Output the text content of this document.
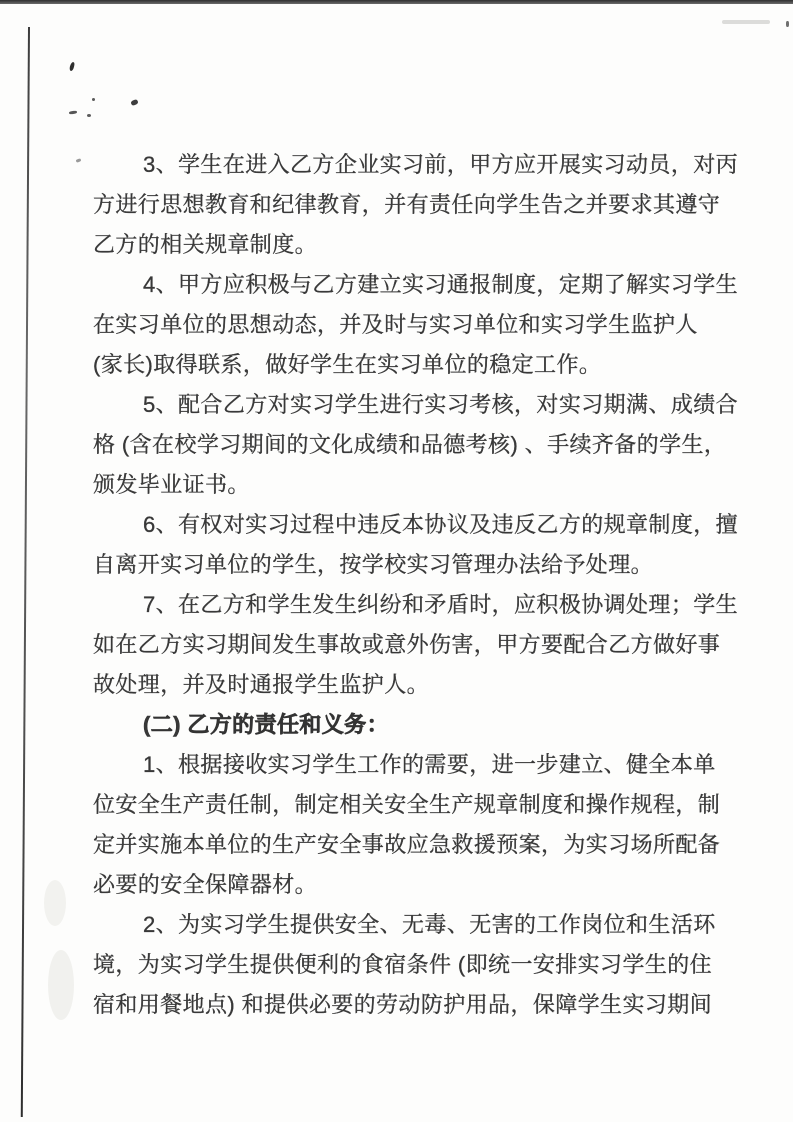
3、学生在进入乙方企业实习前，甲方应开展实习动员，对丙
方进行思想教育和纪律教育，并有责任向学生告之并要求其遵守
乙方的相关规章制度。
4、甲方应积极与乙方建立实习通报制度，定期了解实习学生
在实习单位的思想动态，并及时与实习单位和实习学生监护人
(家长)取得联系，做好学生在实习单位的稳定工作。
5、配合乙方对实习学生进行实习考核，对实习期满、成绩合
格 (含在校学习期间的文化成绩和品德考核) 、手续齐备的学生，
颁发毕业证书。
6、有权对实习过程中违反本协议及违反乙方的规章制度，擅
自离开实习单位的学生，按学校实习管理办法给予处理。
7、在乙方和学生发生纠纷和矛盾时，应积极协调处理；学生
如在乙方实习期间发生事故或意外伤害，甲方要配合乙方做好事
故处理，并及时通报学生监护人。
(二) 乙方的责任和义务：
1、根据接收实习学生工作的需要，进一步建立、健全本单
位安全生产责任制，制定相关安全生产规章制度和操作规程，制
定并实施本单位的生产安全事故应急救援预案，为实习场所配备
必要的安全保障器材。
2、为实习学生提供安全、无毒、无害的工作岗位和生活环
境，为实习学生提供便利的食宿条件 (即统一安排实习学生的住
宿和用餐地点) 和提供必要的劳动防护用品，保障学生实习期间
